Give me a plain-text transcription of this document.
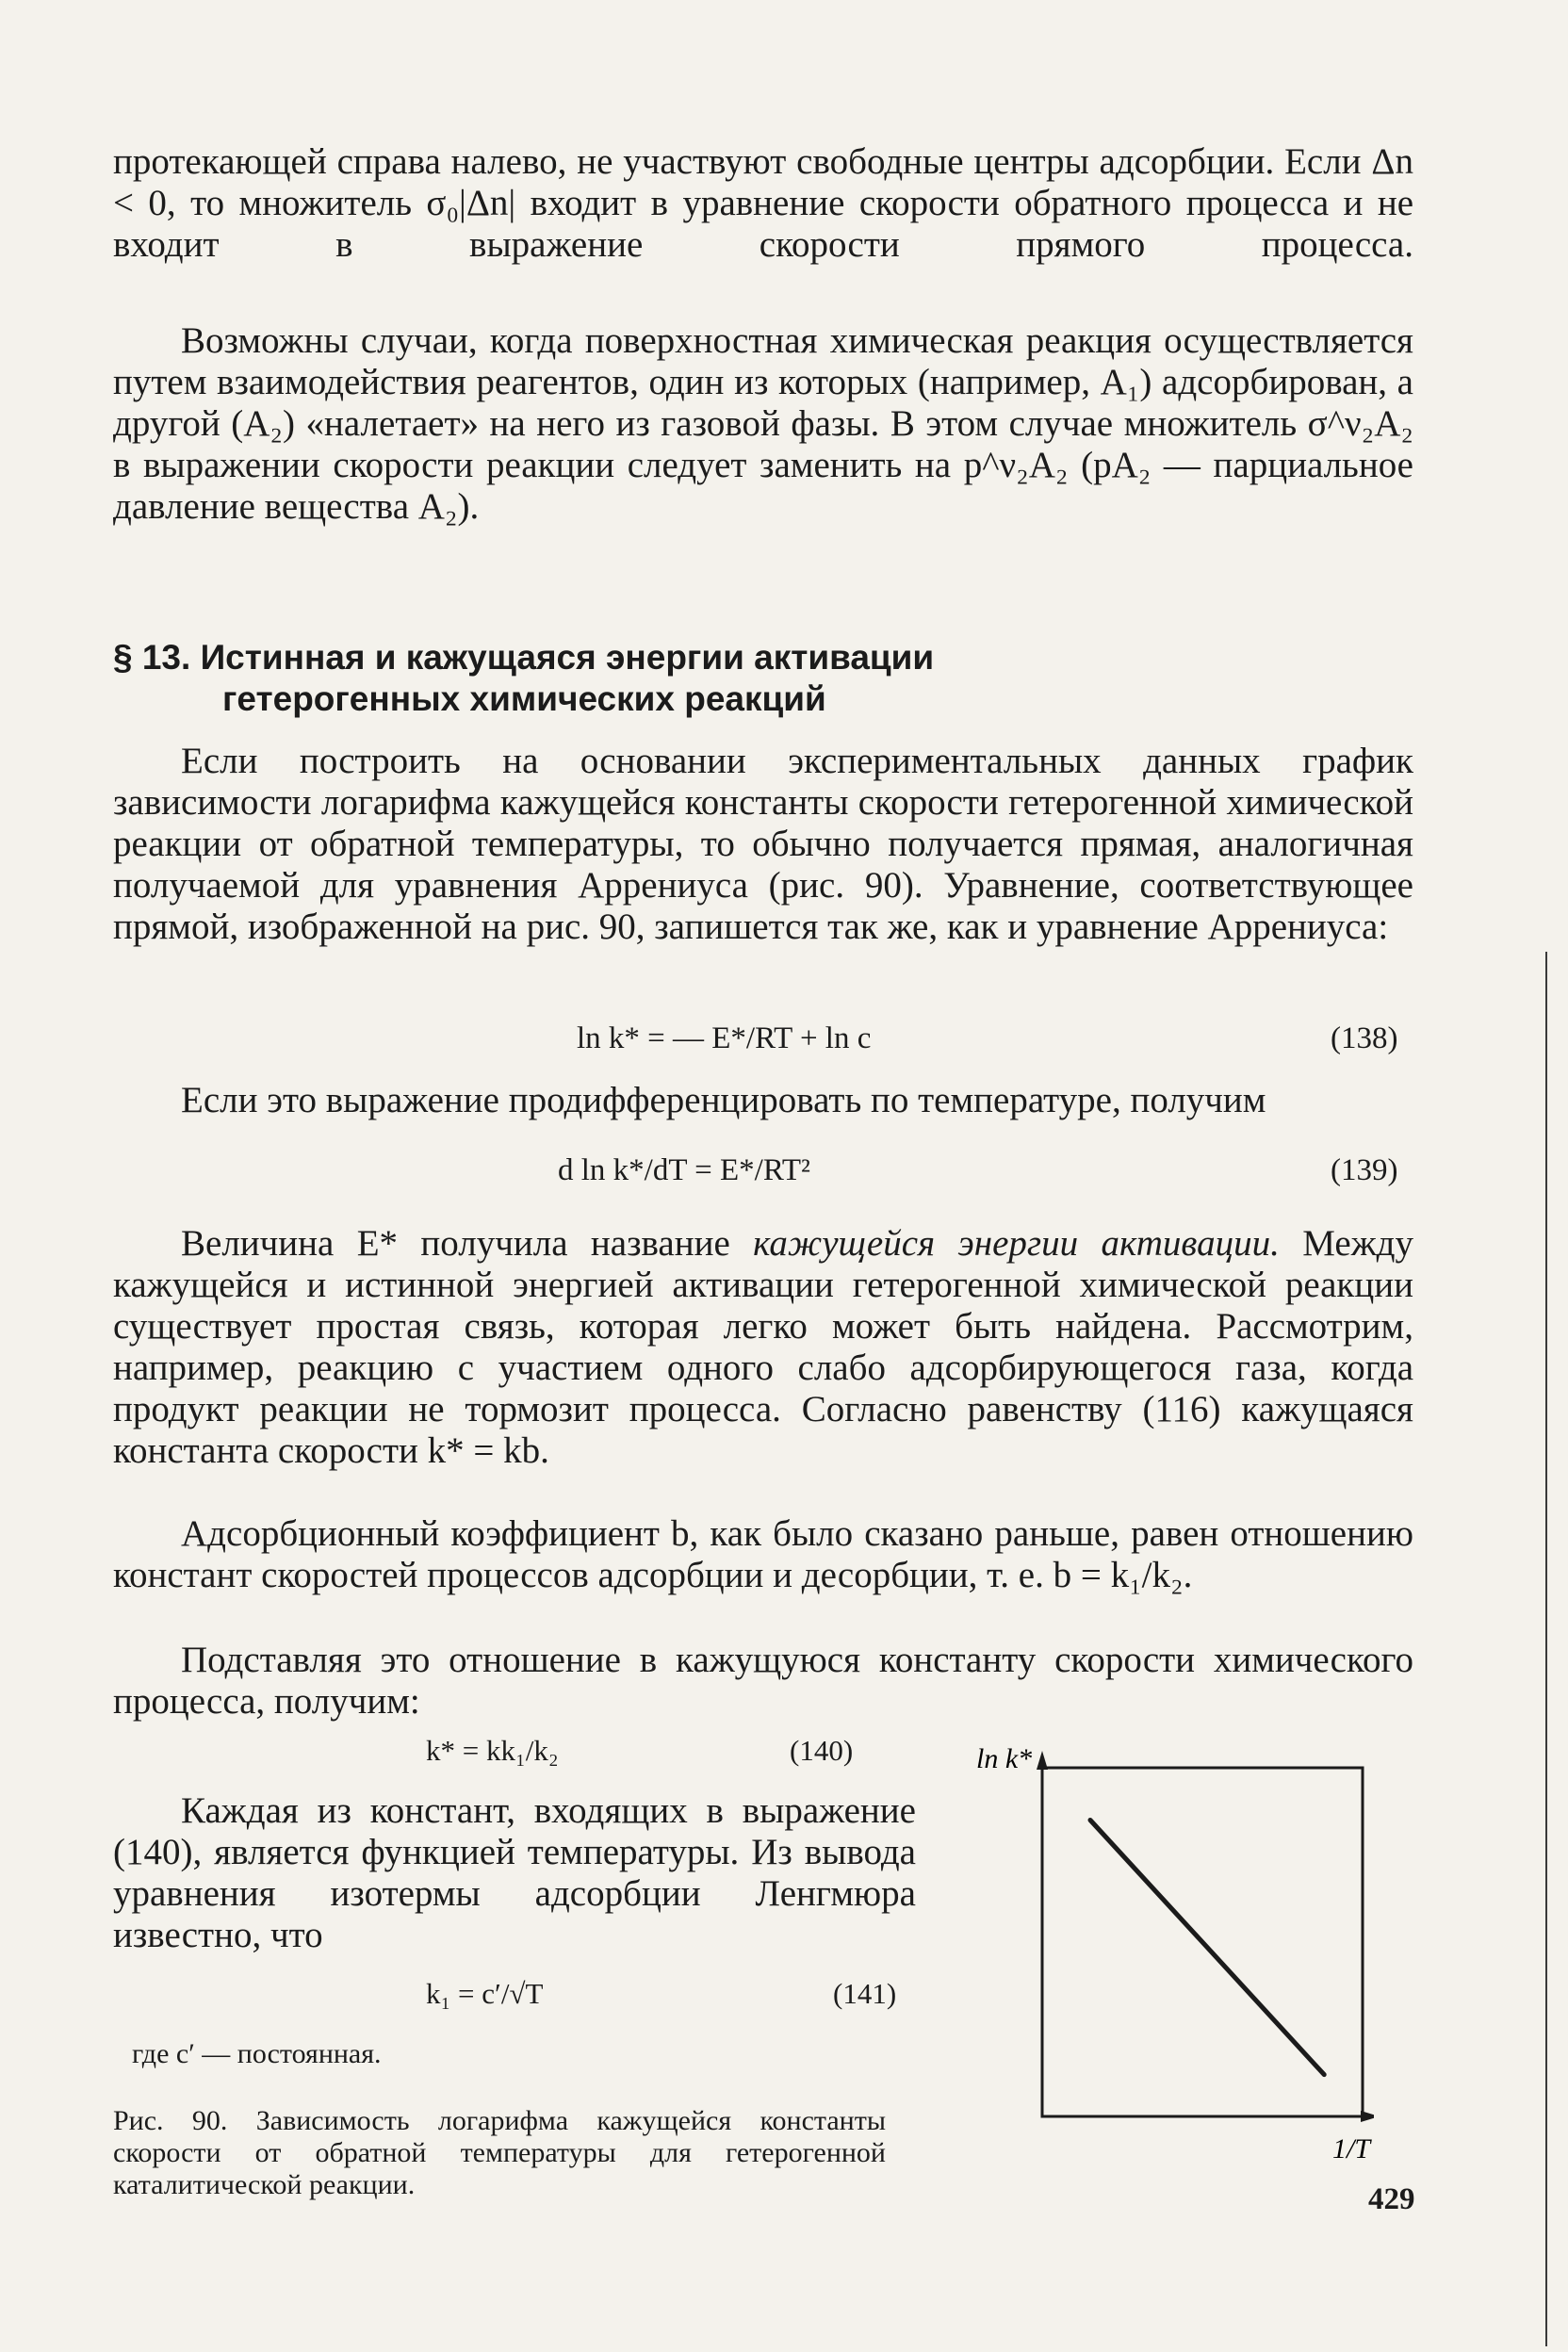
протекающей справа налево, не участвуют свободные центры адсорбции. Если Δn < 0, то множитель σ₀|Δn| входит в уравнение скорости обратного процесса и не входит в выражение скорости прямого процесса.

Возможны случаи, когда поверхностная химическая реакция осуществляется путем взаимодействия реагентов, один из которых (например, A₁) адсорбирован, а другой (A₂) «налетает» на него из газовой фазы. В этом случае множитель σ^ν₂A₂ в выражении скорости реакции следует заменить на p^ν₂A₂ (pA₂ — парциальное давление вещества A₂).

§ 13. Истинная и кажущаяся энергии активации
гетерогенных химических реакций

Если построить на основании экспериментальных данных график зависимости логарифма кажущейся константы скорости гетерогенной химической реакции от обратной температуры, то обычно получается прямая, аналогичная получаемой для уравнения Аррениуса (рис. 90). Уравнение, соответствующее прямой, изображенной на рис. 90, запишется так же, как и уравнение Аррениуса:

ln k* = — E*/RT + ln c	(138)

Если это выражение продифференцировать по температуре, получим

d ln k*/dT = E*/RT²	(139)

Величина E* получила название кажущейся энергии активации. Между кажущейся и истинной энергией активации гетерогенной химической реакции существует простая связь, которая легко может быть найдена. Рассмотрим, например, реакцию с участием одного слабо адсорбирующегося газа, когда продукт реакции не тормозит процесса. Согласно равенству (116) кажущаяся константа скорости k* = kb.

Адсорбционный коэффициент b, как было сказано раньше, равен отношению констант скоростей процессов адсорбции и десорбции, т. е. b = k₁/k₂.

Подставляя это отношение в кажущуюся константу скорости химического процесса, получим:

k* = kk₁/k₂	(140)

Каждая из констант, входящих в выражение (140), является функцией температуры. Из вывода уравнения изотермы адсорбции Ленгмюра известно, что

k₁ = c′/√T	(141)
где c′ — постоянная.

Рис. 90. Зависимость логарифма кажущейся константы скорости от обратной температуры для гетерогенной каталитической реакции.

ln k*
1/T
429
